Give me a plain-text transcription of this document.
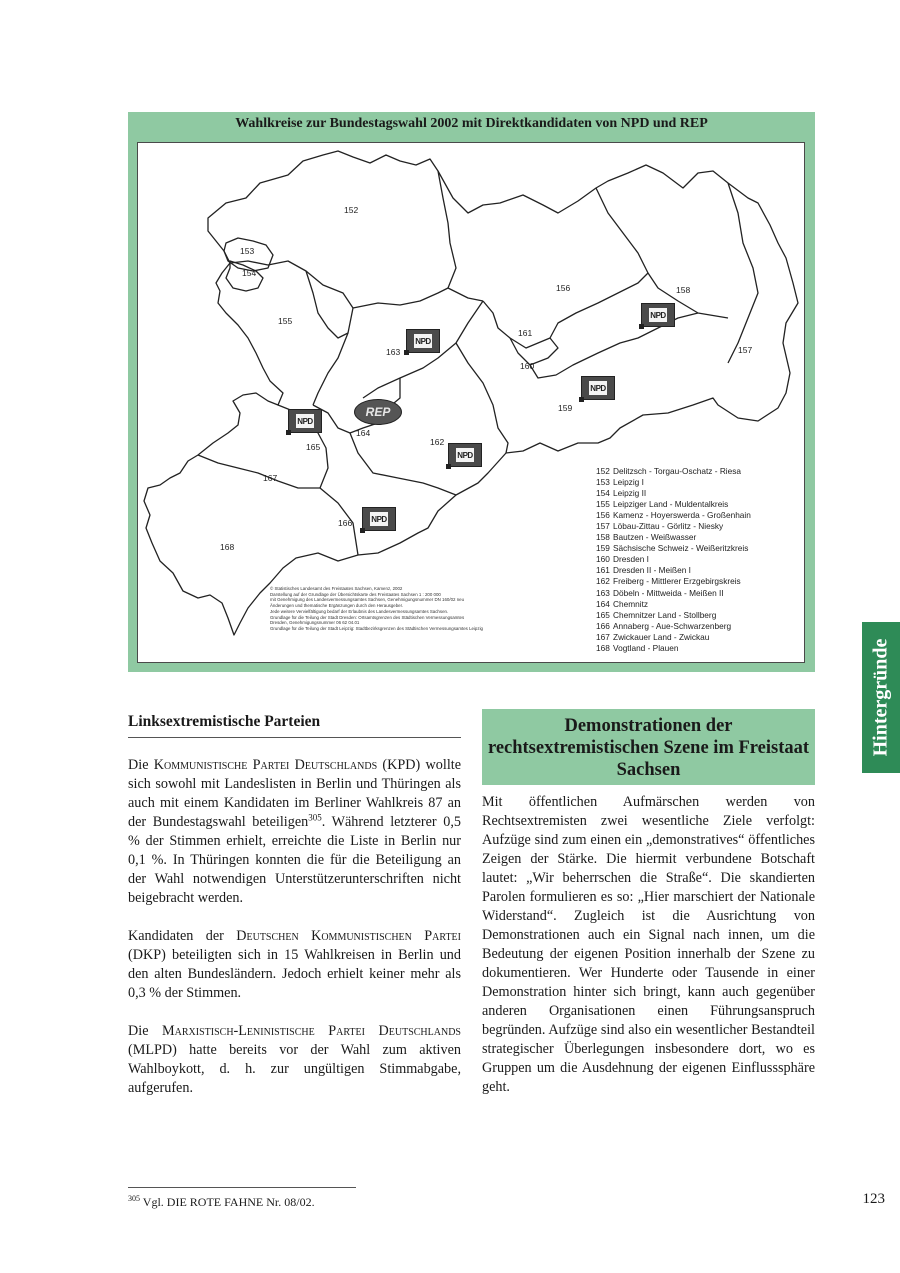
Wahlkreise zur Bundestagswahl 2002 mit Direktkandidaten von NPD und REP
152
153
154
155
156
157
158
159
160
161
162
163
164
165
166
167
168
NPD
NPD
NPD
NPD
NPD
NPD
REP
152 Delitzsch - Torgau-Oschatz - Riesa
153 Leipzig I
154 Leipzig II
155 Leipziger Land - Muldentalkreis
156 Kamenz - Hoyerswerda - Großenhain
157 Löbau-Zittau - Görlitz - Niesky
158 Bautzen - Weißwasser
159 Sächsische Schweiz - Weißeritzkreis
160 Dresden I
161 Dresden II - Meißen I
162 Freiberg - Mittlerer Erzgebirgskreis
163 Döbeln - Mittweida - Meißen II
164 Chemnitz
165 Chemnitzer Land - Stollberg
166 Annaberg - Aue-Schwarzenberg
167 Zwickauer Land - Zwickau
168 Vogtland - Plauen
© Statistisches Landesamt des Freistaates Sachsen, Kamenz, 2002
Darstellung auf der Grundlage der Übersichtskarte des Freistaates Sachsen 1 : 200 000
mit Genehmigung des Landesvermessungsamtes Sachsen, Genehmigungsnummer DN 160/02 neu
Änderungen und thematische Ergänzungen durch den Herausgeber.
Jede weitere Vervielfältigung bedarf der Erlaubnis des Landesvermessungsamtes Sachsen.
Grundlage für die Teilung der Stadt Dresden: Ortsamtsgrenzen des Städtischen Vermessungsamtes
Dresden, Genehmigungsnummer 06 62 04.01
Grundlage für die Teilung der Stadt Leipzig: Stadtbezirksgrenzen des Städtischen Vermessungsamtes Leipzig
Linksextremistische Parteien

Die Kommunistische Partei Deutschlands (KPD) wollte sich sowohl mit Landeslisten in Berlin und Thüringen als auch mit einem Kandidaten im Berliner Wahlkreis 87 an der Bundestagswahl beteiligen$^{305}$. Während letzterer 0,5 % der Stimmen erhielt, erreichte die Liste in Berlin nur 0,1 %. In Thüringen konnten die für die Beteiligung an der Wahl notwendigen Unterstützerunterschriften nicht beigebracht werden.

Kandidaten der Deutschen Kommunistischen Partei (DKP) beteiligten sich in 15 Wahlkreisen in Berlin und den alten Bundesländern. Jedoch erhielt keiner mehr als 0,3 % der Stimmen.

Die Marxistisch-Leninistische Partei Deutschlands (MLPD) hatte bereits vor der Wahl zum aktiven Wahlboykott, d. h. zur ungültigen Stimmabgabe, aufgerufen.

Demonstrationen der rechtsextremistischen Szene im Freistaat Sachsen

Mit öffentlichen Aufmärschen werden von Rechtsextremisten zwei wesentliche Ziele verfolgt: Aufzüge sind zum einen ein „demonstratives“ öffentliches Zeigen der Stärke. Die hiermit verbundene Botschaft lautet: „Wir beherrschen die Straße“. Die skandierten Parolen formulieren es so: „Hier marschiert der Nationale Widerstand“. Zugleich ist die Ausrichtung von Demonstrationen auch ein Signal nach innen, um die Bedeutung der eigenen Position innerhalb der Szene zu dokumentieren. Wer Hunderte oder Tausende in einer Demonstration hinter sich bringt, kann auch gegenüber anderen Organisationen einen Führungsanspruch begründen. Aufzüge sind also ein wesentlicher Bestandteil strategischer Überlegungen insbesondere dort, wo es Gruppen um die Ausdehnung der eigenen Einflusssphäre geht.

Hintergründe
$^{305}$ Vgl. DIE ROTE FAHNE Nr. 08/02.	123
